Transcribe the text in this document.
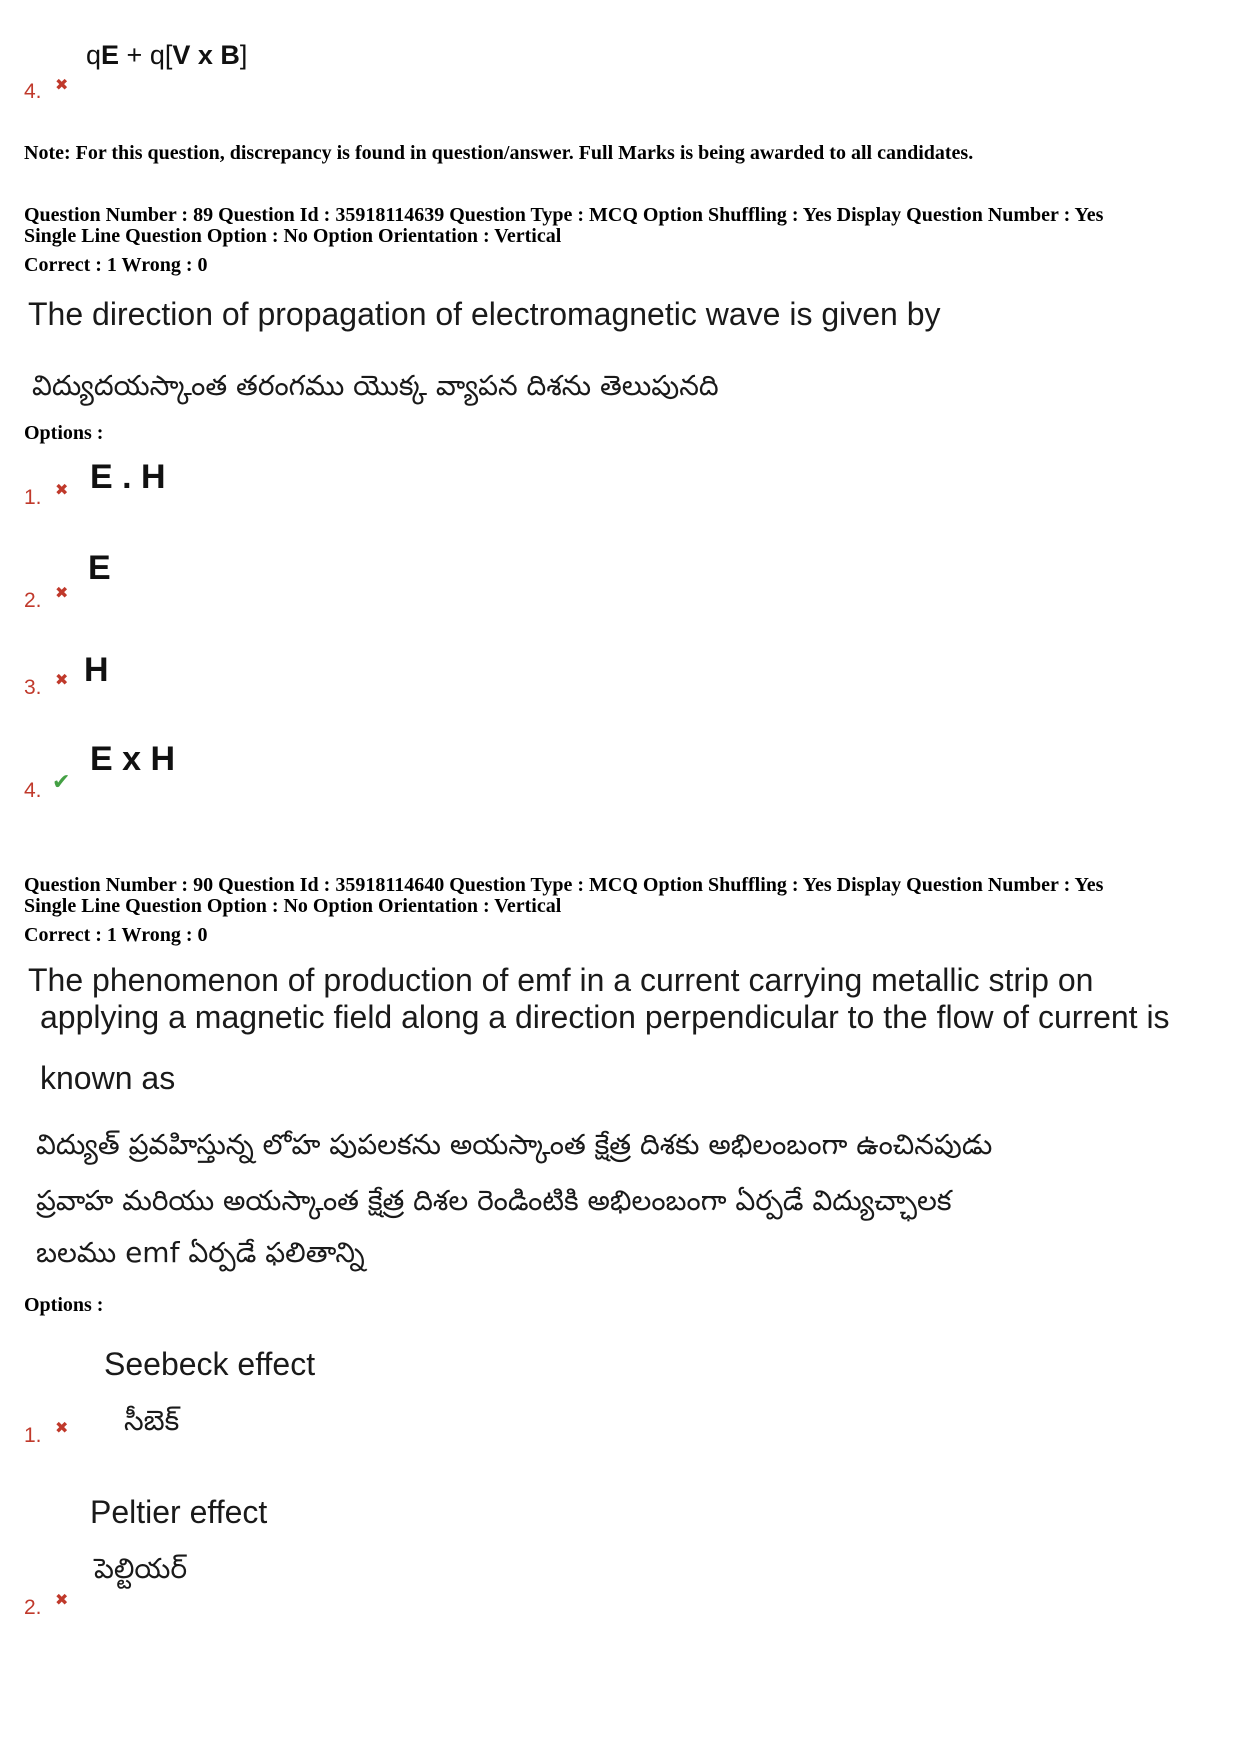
qE + q[V x B]
4. ✖
Note: For this question, discrepancy is found in question/answer. Full Marks is being awarded to all candidates.
Question Number : 89 Question Id : 35918114639 Question Type : MCQ Option Shuffling : Yes Display Question Number : Yes
Single Line Question Option : No Option Orientation : Vertical
Correct : 1 Wrong : 0
The direction of propagation of electromagnetic wave is given by
విద్యుదయస్కాంత తరంగము యొక్క వ్యాపన దిశను తెలుపునది
Options :
1. ✖ E . H
2. ✖
E
3. ✖ H
4. ✔
E x H
Question Number : 90 Question Id : 35918114640 Question Type : MCQ Option Shuffling : Yes Display Question Number : Yes
Single Line Question Option : No Option Orientation : Vertical
Correct : 1 Wrong : 0
The phenomenon of production of emf in a current carrying metallic strip on
applying a magnetic field along a direction perpendicular to the flow of current is
known as
విద్యుత్ ప్రవహిస్తున్న లోహ పుపలకను అయస్కాంత క్షేత్ర దిశకు అభిలంబంగా ఉంచినపుడు
ప్రవాహ మరియు అయస్కాంత క్షేత్ర దిశల రెండింటికి అభిలంబంగా ఏర్పడే విద్యుచ్ఛాలక
బలము emf ఏర్పడే ఫలితాన్ని
Options :
Seebeck effect
సీబెక్
1. ✖
Peltier effect
పెల్టియర్
2. ✖
